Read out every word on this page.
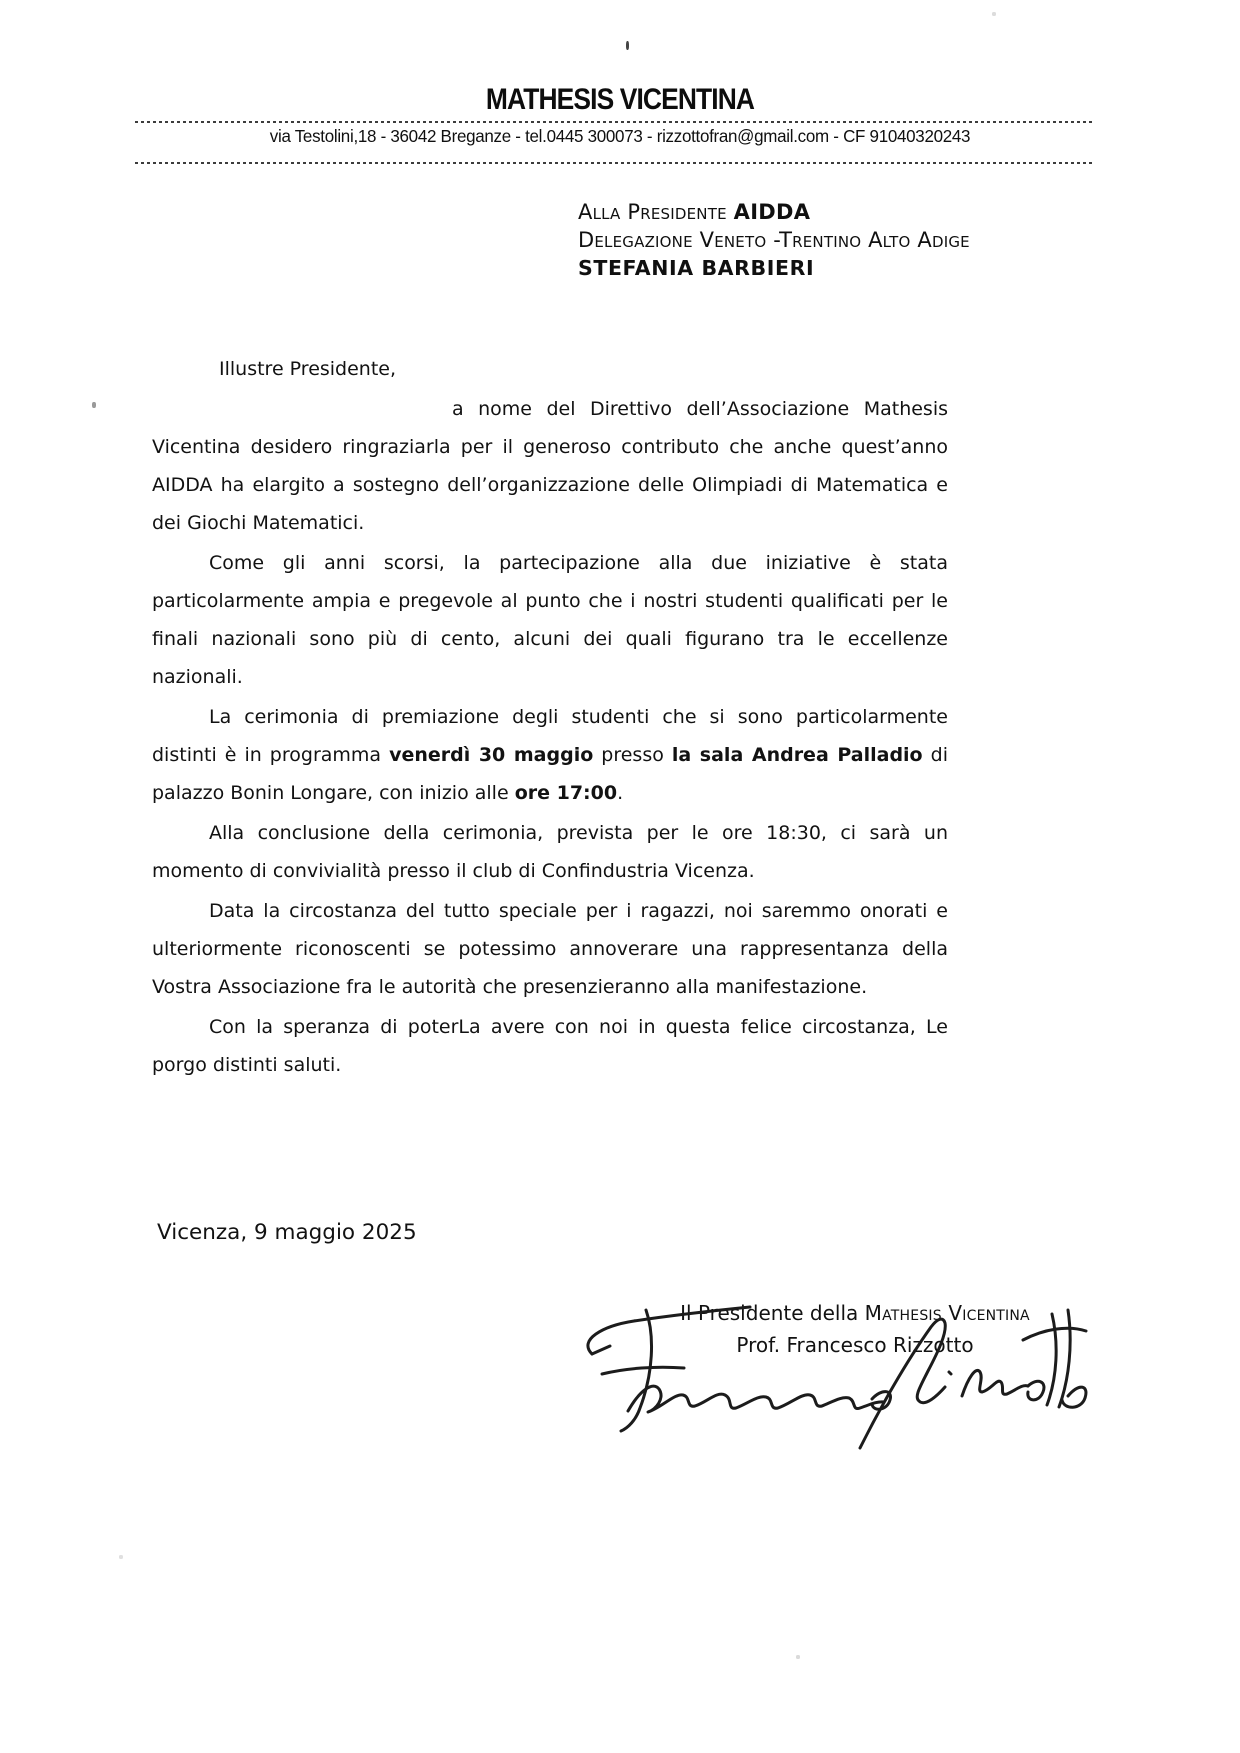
MATHESIS VICENTINA
via Testolini,18 - 36042 Breganze - tel.0445 300073 - rizzottofran@gmail.com - CF 91040320243
Alla Presidente AIDDA
Delegazione Veneto -Trentino Alto Adige
STEFANIA BARBIERI

Illustre Presidente,

a nome del Direttivo dell’Associazione Mathesis Vicentina desidero ringraziarla per il generoso contributo che anche quest’anno AIDDA ha elargito a sostegno dell’organizzazione delle Olimpiadi di Matematica e dei Giochi Matematici.

Come gli anni scorsi, la partecipazione alla due iniziative è stata particolarmente ampia e pregevole al punto che i nostri studenti qualificati per le finali nazionali sono più di cento, alcuni dei quali figurano tra le eccellenze nazionali.

La cerimonia di premiazione degli studenti che si sono particolarmente distinti è in programma venerdì 30 maggio presso la sala Andrea Palladio di palazzo Bonin Longare, con inizio alle ore 17:00.

Alla conclusione della cerimonia, prevista per le ore 18:30, ci sarà un momento di convivialità presso il club di Confindustria Vicenza.

Data la circostanza del tutto speciale per i ragazzi, noi saremmo onorati e ulteriormente riconoscenti se potessimo annoverare una rappresentanza della Vostra Associazione fra le autorità che presenzieranno alla manifestazione.

Con la speranza di poterLa avere con noi in questa felice circostanza, Le porgo distinti saluti.

Vicenza, 9 maggio 2025
Il Presidente della Mathesis Vicentina
Prof. Francesco Rizzotto
